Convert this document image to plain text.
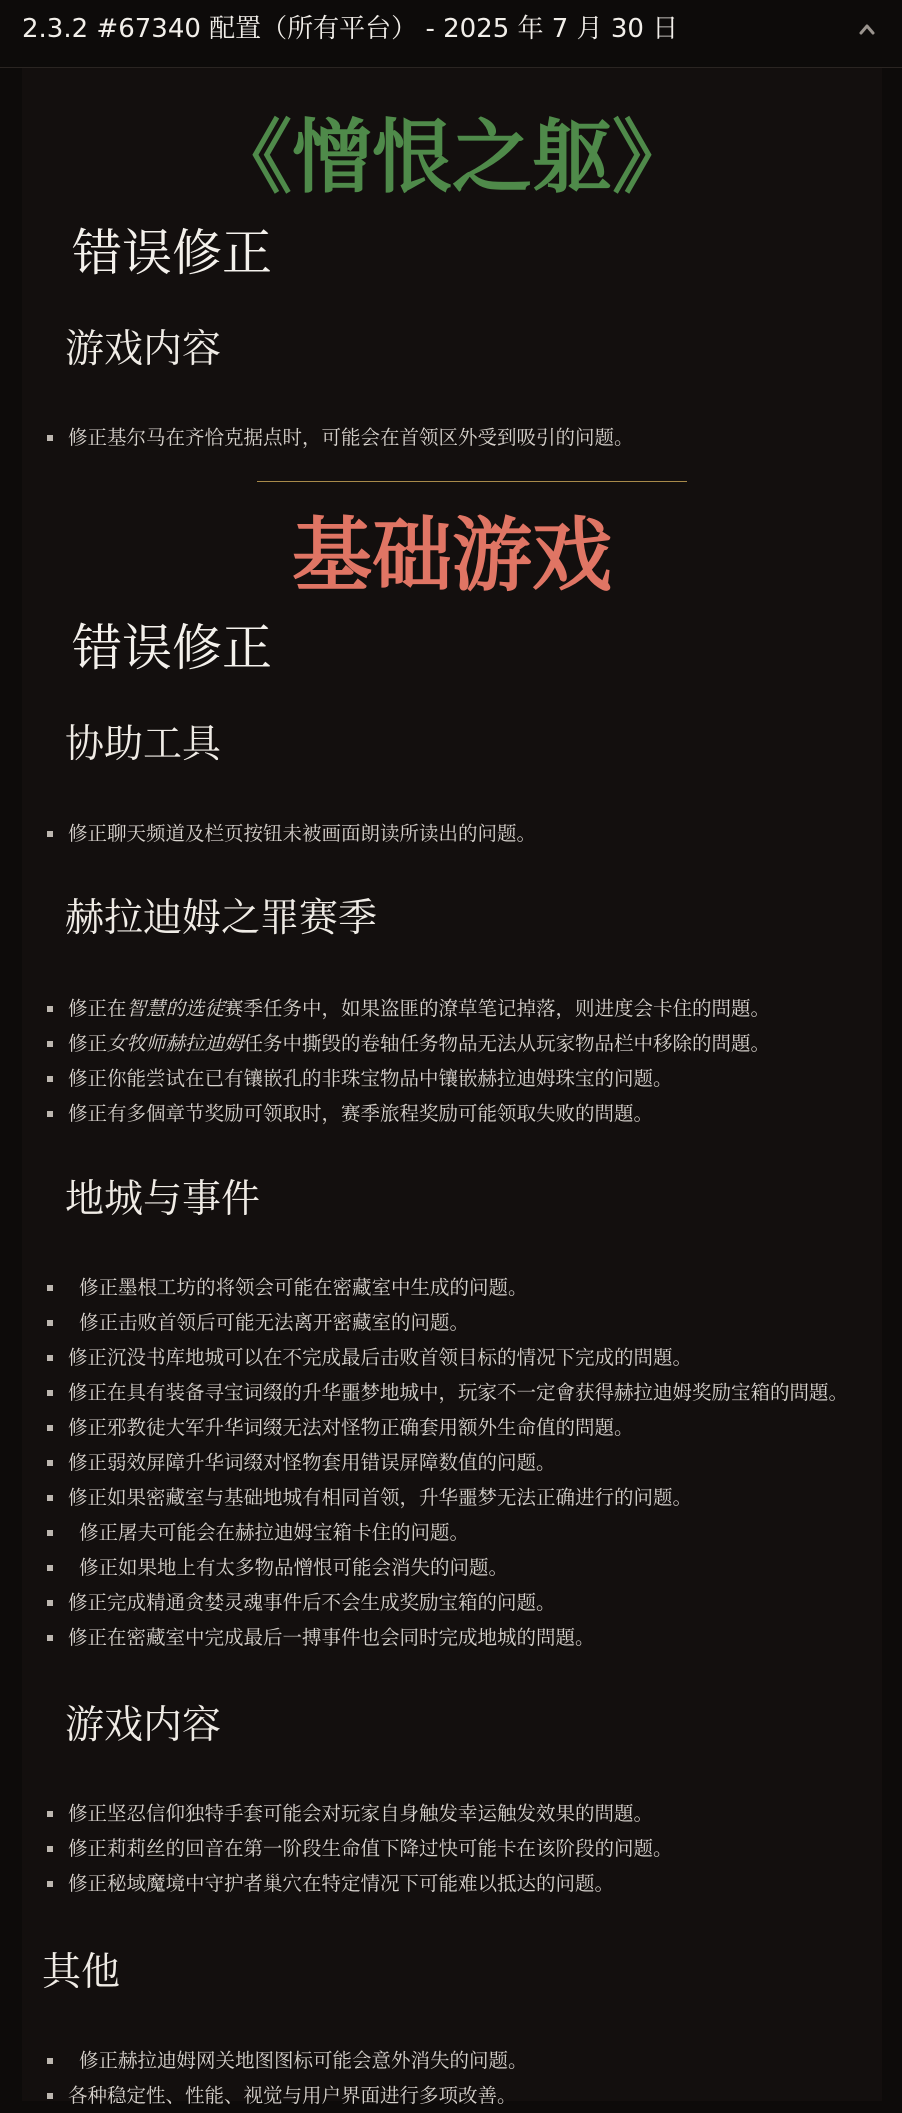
2.3.2 #67340 配置（所有平台） - 2025 年 7 月 30 日
《憎恨之躯》
错误修正
游戏内容
修正基尔马在齐恰克据点时，可能会在首领区外受到吸引的问题。
基础游戏
错误修正
协助工具
修正聊天频道及栏页按钮未被画面朗读所读出的问题。
赫拉迪姆之罪赛季
修正在智慧的选徒赛季任务中，如果盗匪的潦草笔记掉落，则进度会卡住的問題。
修正女牧师赫拉迪姆任务中撕毁的卷轴任务物品无法从玩家物品栏中移除的問題。
修正你能尝试在已有镶嵌孔的非珠宝物品中镶嵌赫拉迪姆珠宝的问题。
修正有多個章节奖励可领取时，赛季旅程奖励可能领取失败的問題。
地城与事件
修正墨根工坊的将领会可能在密藏室中生成的问题。
修正击败首领后可能无法离开密藏室的问题。
修正沉没书库地城可以在不完成最后击败首领目标的情况下完成的問題。
修正在具有装备寻宝词缀的升华噩梦地城中，玩家不一定會获得赫拉迪姆奖励宝箱的問題。
修正邪教徒大军升华词缀无法对怪物正确套用额外生命值的問題。
修正弱效屏障升华词缀对怪物套用错误屏障数值的问题。
修正如果密藏室与基础地城有相同首领，升华噩梦无法正确进行的问题。
修正屠夫可能会在赫拉迪姆宝箱卡住的问题。
修正如果地上有太多物品憎恨可能会消失的问题。
修正完成精通贪婪灵魂事件后不会生成奖励宝箱的问题。
修正在密藏室中完成最后一搏事件也会同时完成地城的問題。
游戏内容
修正坚忍信仰独特手套可能会对玩家自身触发幸运触发效果的問題。
修正莉莉丝的回音在第一阶段生命值下降过快可能卡在该阶段的问题。
修正秘域魔境中守护者巢穴在特定情况下可能难以抵达的问题。
其他
修正赫拉迪姆网关地图图标可能会意外消失的问题。
各种稳定性、性能、视觉与用户界面进行多项改善。
